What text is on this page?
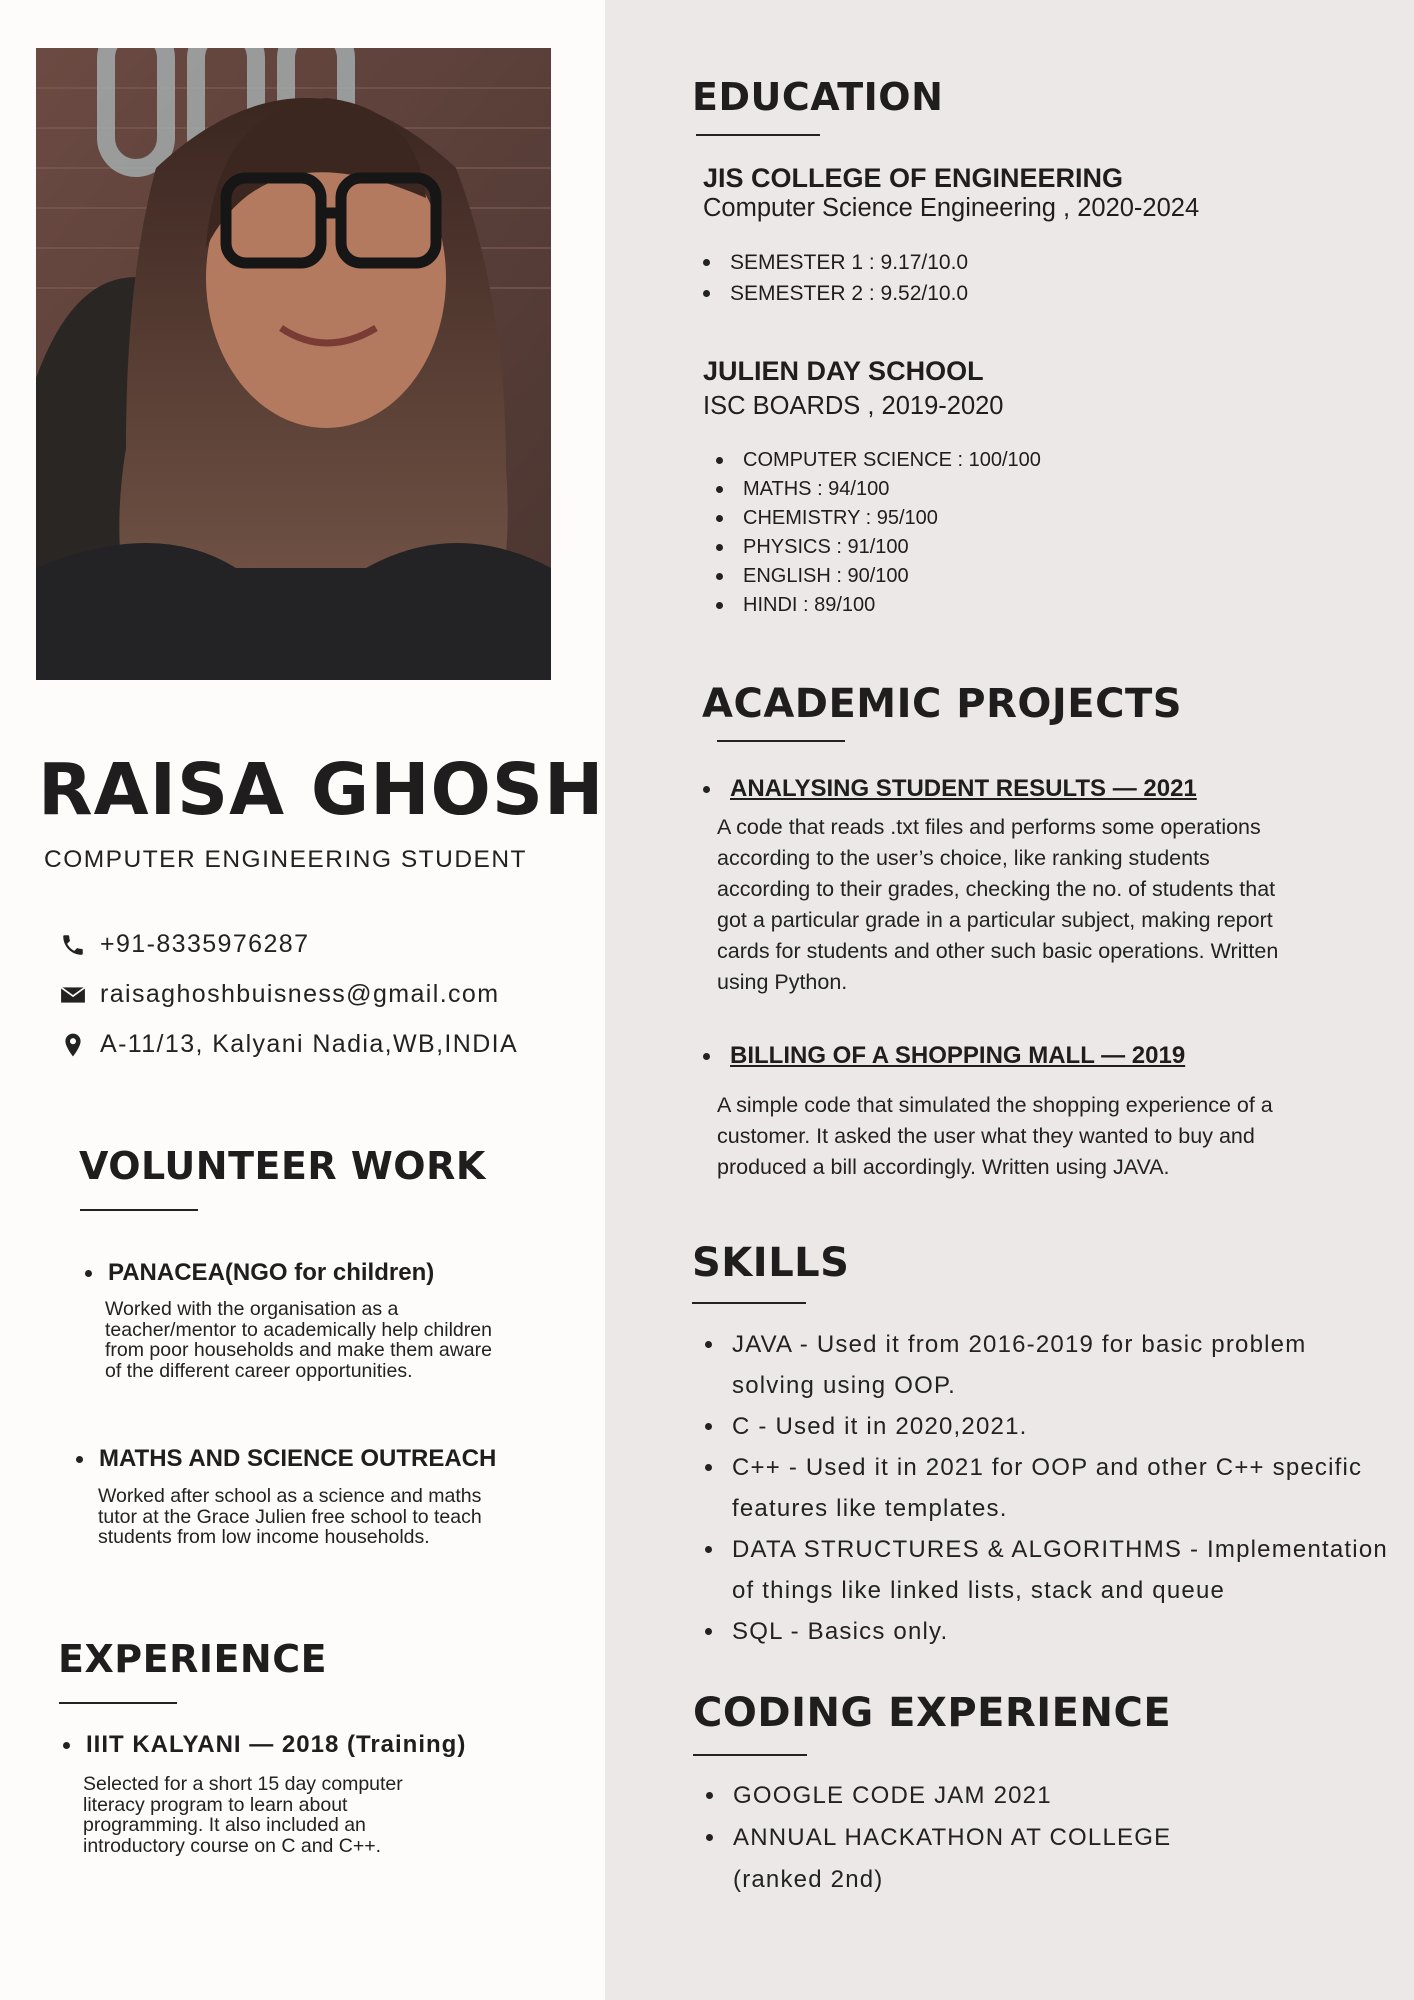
RAISA GHOSH
COMPUTER ENGINEERING STUDENT
+91-8335976287
raisaghoshbuisness@gmail.com
A-11/13, Kalyani Nadia,WB,INDIA
VOLUNTEER WORK
PANACEA(NGO for children)
Worked with the organisation as a teacher/mentor to academically help children from poor households and make them aware of the different career opportunities.
MATHS AND SCIENCE OUTREACH
Worked after school as a science and maths tutor at the Grace Julien free school to teach students from low income households.
EXPERIENCE
IIIT KALYANI — 2018 (Training)
Selected for a short 15 day computer literacy program to learn about programming. It also included an introductory course on C and C++.
EDUCATION
JIS COLLEGE OF ENGINEERING
Computer Science Engineering , 2020-2024
SEMESTER 1 : 9.17/10.0
SEMESTER 2 : 9.52/10.0
JULIEN DAY SCHOOL
ISC BOARDS , 2019-2020
COMPUTER SCIENCE : 100/100
MATHS : 94/100
CHEMISTRY : 95/100
PHYSICS : 91/100
ENGLISH : 90/100
HINDI : 89/100
ACADEMIC PROJECTS
ANALYSING STUDENT RESULTS — 2021
A code that reads .txt files and performs some operations according to the user’s choice, like ranking students according to their grades, checking the no. of students that got a particular grade in a particular subject, making report cards for students and other such basic operations. Written using Python.
BILLING OF A SHOPPING MALL — 2019
A simple code that simulated the shopping experience of a customer. It asked the user what they wanted to buy and produced a bill accordingly. Written using JAVA.
SKILLS
JAVA - Used it from 2016-2019 for basic problem solving using OOP.
C - Used it in 2020,2021.
C++ - Used it in 2021 for OOP and other C++ specific features like templates.
DATA STRUCTURES & ALGORITHMS - Implementation of things like linked lists, stack and queue
SQL - Basics only.
CODING EXPERIENCE
GOOGLE CODE JAM 2021
ANNUAL HACKATHON AT COLLEGE (ranked 2nd)
